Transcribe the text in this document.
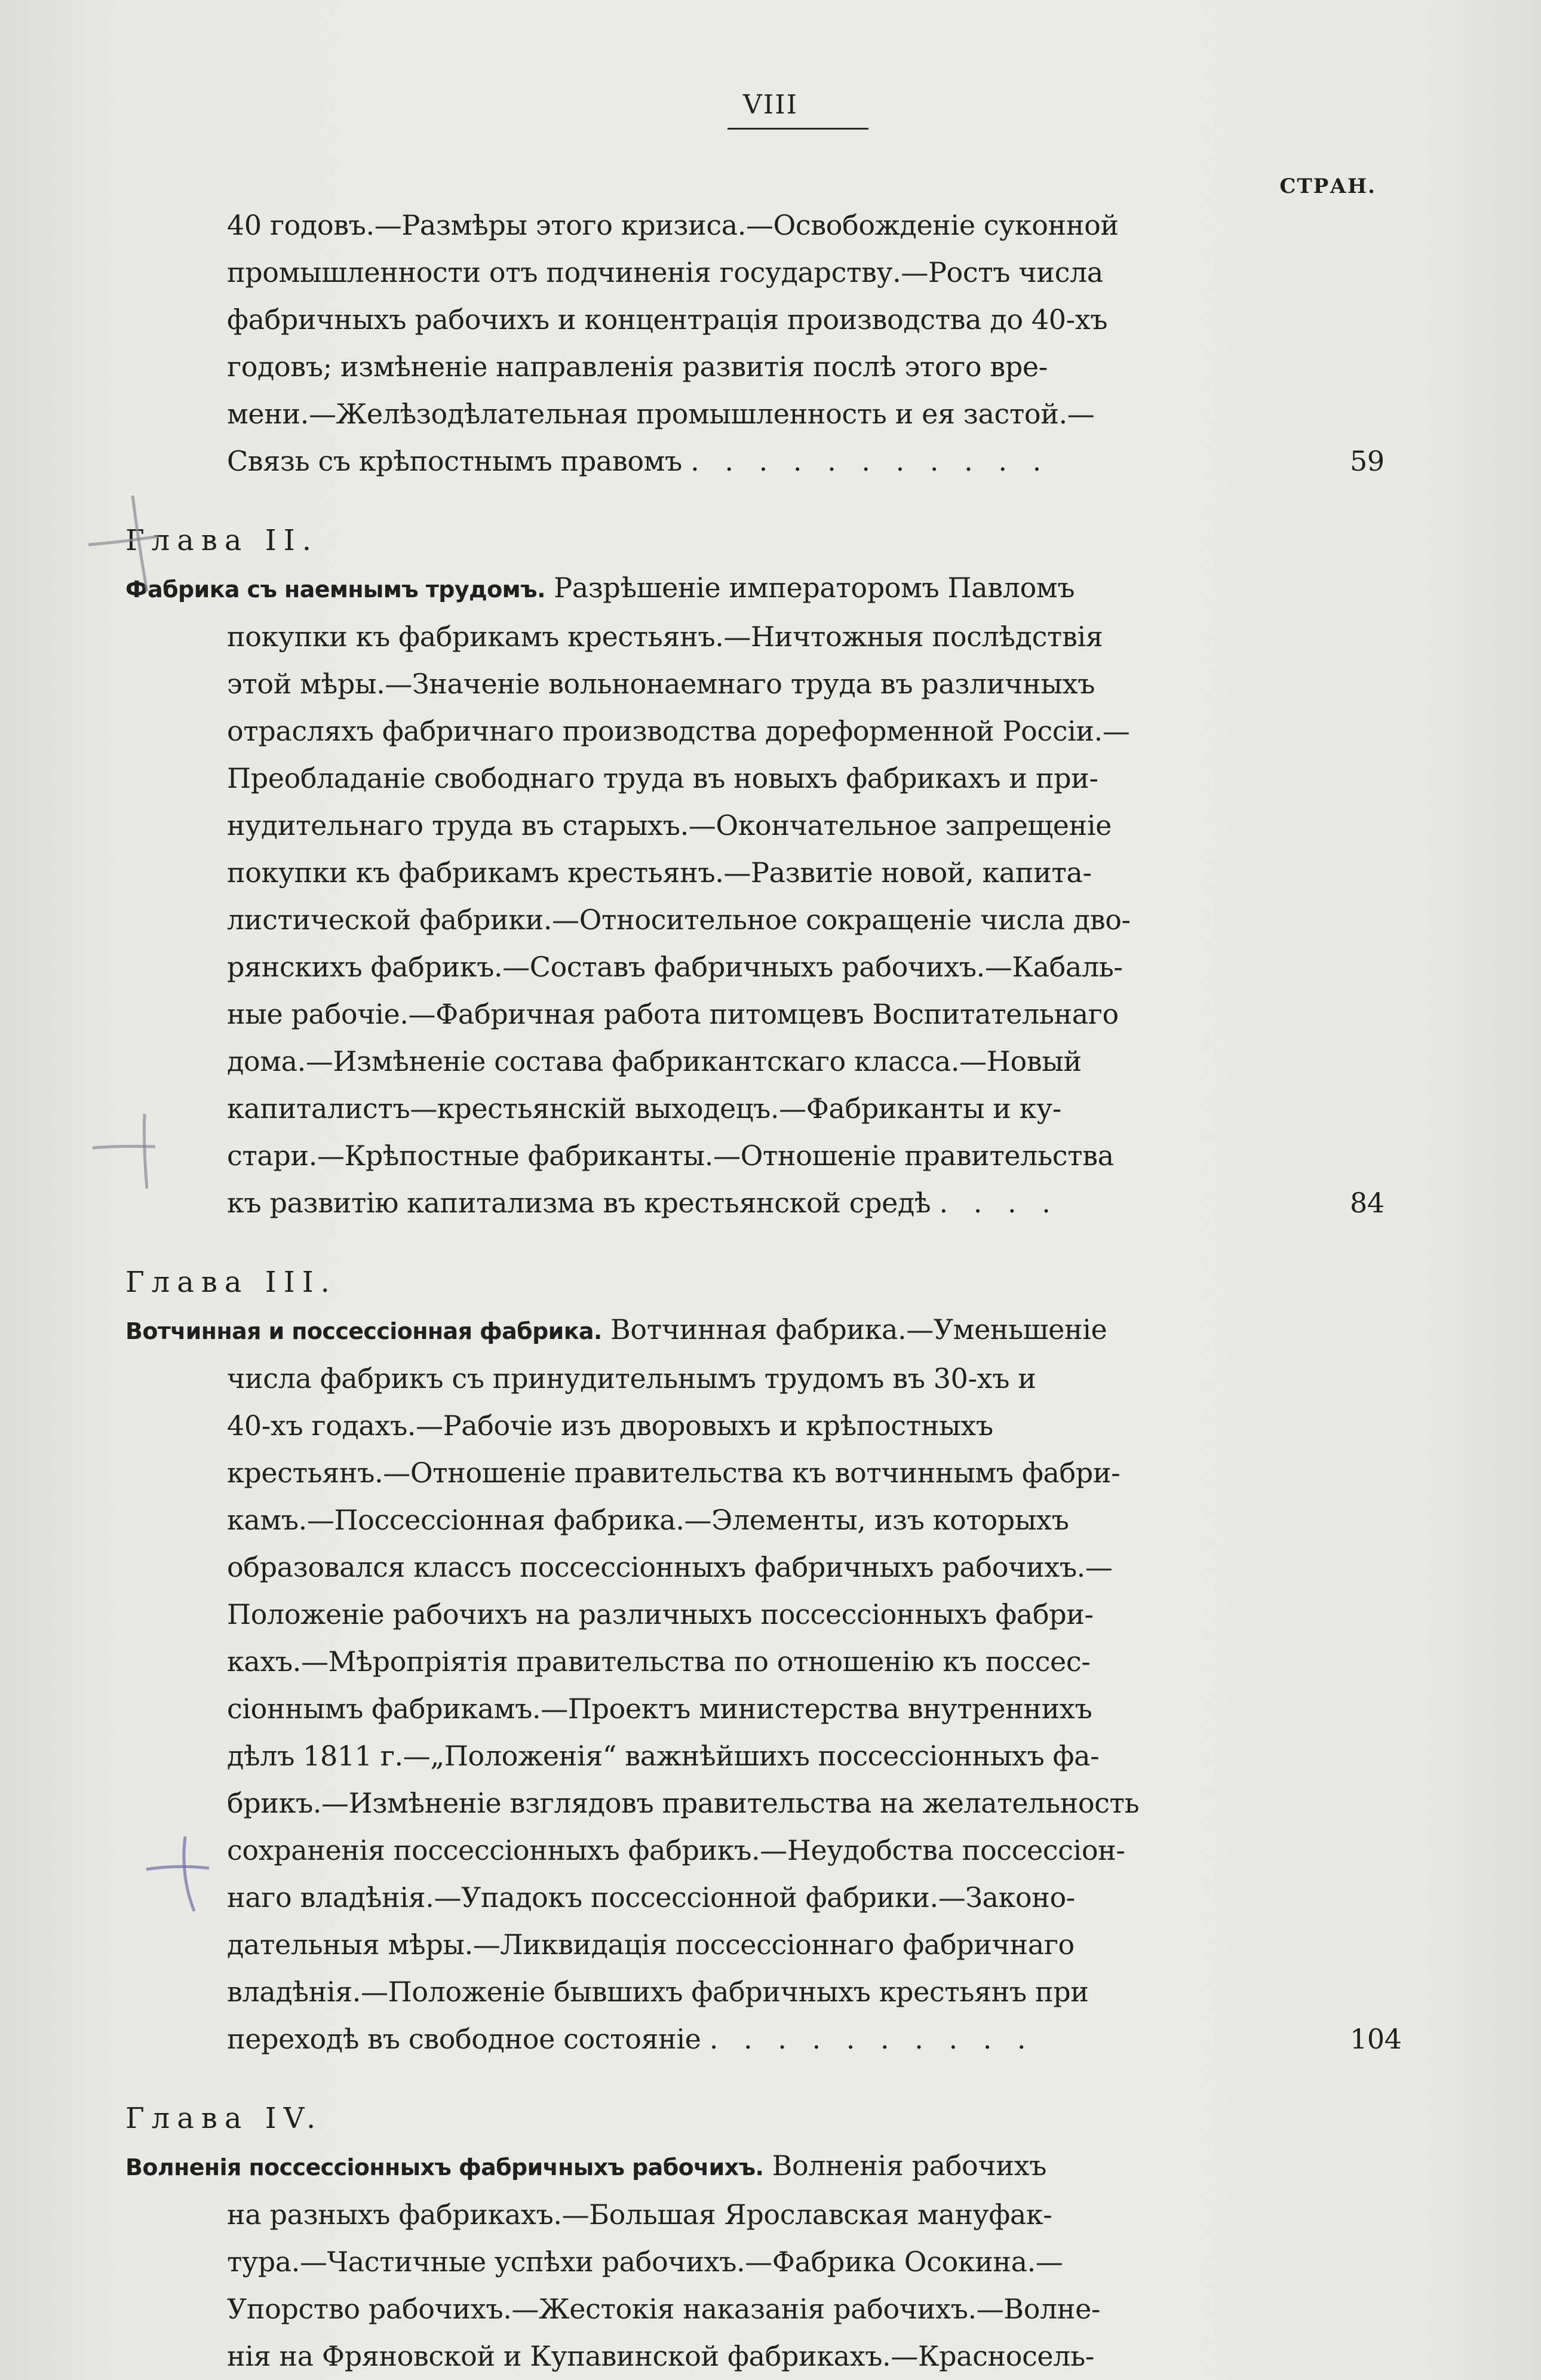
VIII
СТРАН.
40 годовъ.—Размѣры этого кризиса.—Освобожденіе суконной
промышленности отъ подчиненія государству.—Ростъ числа
фабричныхъ рабочихъ и концентрація производства до 40-хъ
годовъ; измѣненіе направленія развитія послѣ этого вре-
мени.—Желѣзодѣлательная промышленность и ея застой.—
Связь съ крѣпостнымъ правомъ . . . . . . . . . . .	59
Глава II.
Фабрика съ наемнымъ трудомъ. Разрѣшеніе императоромъ Павломъ
покупки къ фабрикамъ крестьянъ.—Ничтожныя послѣдствія
этой мѣры.—Значеніе вольнонаемнаго труда въ различныхъ
отрасляхъ фабричнаго производства дореформенной Россіи.—
Преобладаніе свободнаго труда въ новыхъ фабрикахъ и при-
нудительнаго труда въ старыхъ.—Окончательное запрещеніе
покупки къ фабрикамъ крестьянъ.—Развитіе новой, капита-
листической фабрики.—Относительное сокращеніе числа дво-
рянскихъ фабрикъ.—Составъ фабричныхъ рабочихъ.—Кабаль-
ные рабочіе.—Фабричная работа питомцевъ Воспитательнаго
дома.—Измѣненіе состава фабрикантскаго класса.—Новый
капиталистъ—крестьянскій выходецъ.—Фабриканты и ку-
стари.—Крѣпостные фабриканты.—Отношеніе правительства
къ развитію капитализма въ крестьянской средѣ . . . .	84
Глава III.
Вотчинная и поссессіонная фабрика. Вотчинная фабрика.—Уменьшеніе
числа фабрикъ съ принудительнымъ трудомъ въ 30-хъ и
40-хъ годахъ.—Рабочіе изъ дворовыхъ и крѣпостныхъ
крестьянъ.—Отношеніе правительства къ вотчиннымъ фабри-
камъ.—Поссессіонная фабрика.—Элементы, изъ которыхъ
образовался классъ поссессіонныхъ фабричныхъ рабочихъ.—
Положеніе рабочихъ на различныхъ поссессіонныхъ фабри-
кахъ.—Мѣропріятія правительства по отношенію къ поссес-
сіоннымъ фабрикамъ.—Проектъ министерства внутреннихъ
дѣлъ 1811 г.—„Положенія“ важнѣйшихъ поссессіонныхъ фа-
брикъ.—Измѣненіе взглядовъ правительства на желательность
сохраненія поссессіонныхъ фабрикъ.—Неудобства поссессіон-
наго владѣнія.—Упадокъ поссессіонной фабрики.—Законо-
дательныя мѣры.—Ликвидація поссессіоннаго фабричнаго
владѣнія.—Положеніе бывшихъ фабричныхъ крестьянъ при
переходѣ въ свободное состояніе . . . . . . . . . .	104
Глава IV.
Волненія поссессіонныхъ фабричныхъ рабочихъ. Волненія рабочихъ
на разныхъ фабрикахъ.—Большая Ярославская мануфак-
тура.—Частичные успѣхи рабочихъ.—Фабрика Осокина.—
Упорство рабочихъ.—Жестокія наказанія рабочихъ.—Волне-
нія на Фряновской и Купавинской фабрикахъ.—Красносель-
